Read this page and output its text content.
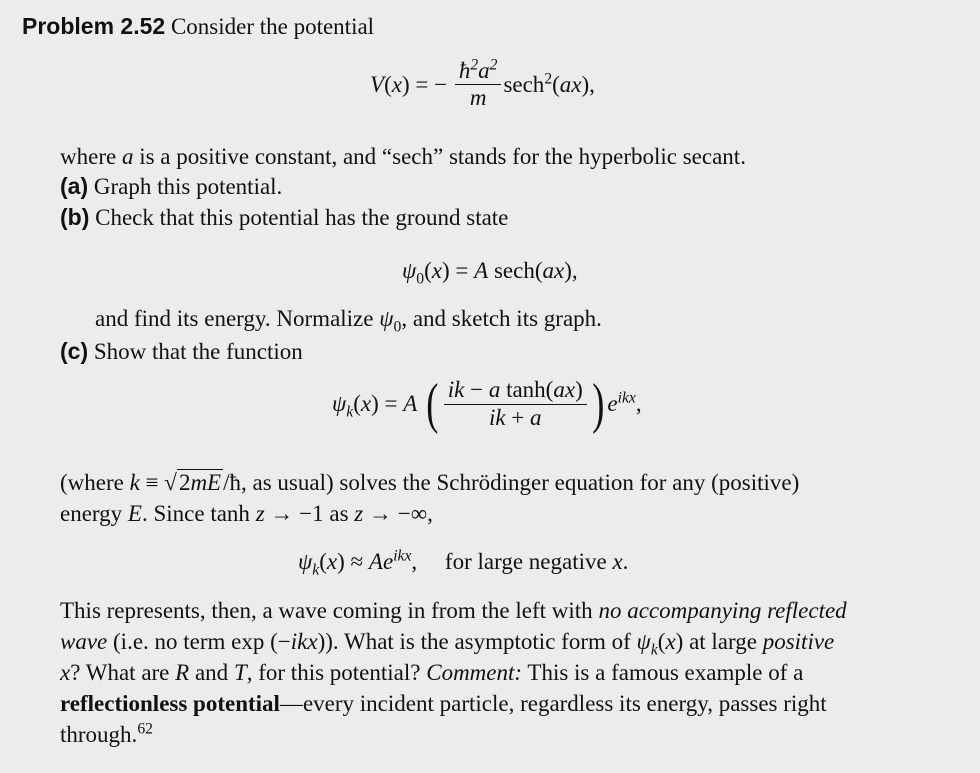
Problem 2.52 Consider the potential
V(x) = − $\frac{ħ^2a^2}{m} \sec h^2(ax)$,
where a is a positive constant, and “sech” stands for the hyperbolic secant.
(a) Graph this potential.
(b) Check that this potential has the ground state
$\psi_0(x) = A$ sech(ax),
and find its energy. Normalize $\psi_0$, and sketch its graph.
(c) Show that the function
$\psi_k(x) = A$ ( $\frac{\text{ik − a tanh(ax)}}{ik + a}$ ) $e^{ikx}$,
(where k ≡ √2mE/ħ, as usual) solves the Schrödinger equation for any (positive)
energy E. Since tanh z → −1 as z → −∞,
$\psi_k(x) \approx Ae^{ikx}$, for large negative x.
This represents, then, a wave coming in from the left with no accompanying reflected
wave (i.e. no term exp (−ikx)). What is the asymptotic form of $\psi_k(x)$ at large positive
x? What are R and T, for this potential? Comment: This is a famous example of a
reflectionless potential—every incident particle, regardless its energy, passes right
through.$^{62}$
